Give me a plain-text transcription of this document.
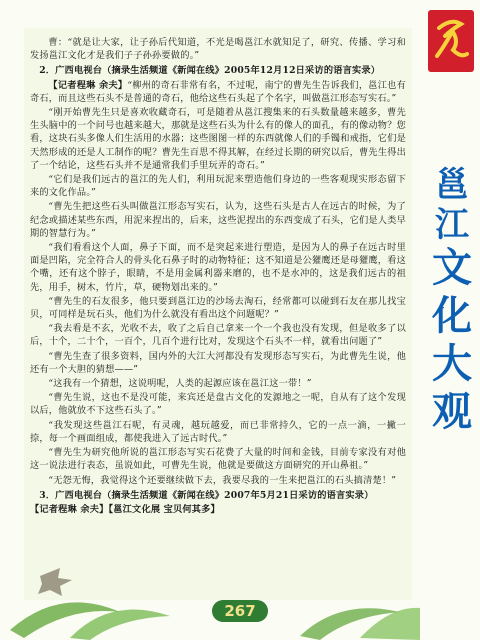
曹：“就是让大家，让子孙后代知道，不光是喝邕江水就知足了，研究、传播、学习和发扬邕江文化才是我们子子孙孙要做的。”

2．广西电视台（摘录生活频道《新闻在线》2005年12月12日采访的语言实录）

【记者程琳 余夫】“柳州的奇石非常有名，不过呢，南宁的曹先生告诉我们，邕江也有奇石，而且这些石头不是普通的奇石，他给这些石头起了个名字，叫做邕江形态写实石。”

“刚开始曹先生只是喜欢收藏奇石，可是随着从邕江搜集来的石头数量越来越多，曹先生头脑中的一个问号也越来越大，那就是这些石头为什么有的像人的面孔，有的像动物？您看，这块石头多像人们生活用的水器；这些图图一样的东西就像人们的手镯和戒指，它们是天然形成的还是人工制作的呢？曹先生百思不得其解，在经过长期的研究以后，曹先生得出了一个结论，这些石头并不是通常我们手里玩弄的奇石。”

“它们是我们远古的邕江的先人们，利用玩泥来塑造他们身边的一些客观现实形态留下来的文化作品。”

“曹先生把这些石头叫做邕江形态写实石，认为，这些石头是古人在远古的时候，为了纪念或描述某些东西，用泥来捏出的，后来，这些泥捏出的东西变成了石头，它们是人类早期的智慧行为。”

“我们看看这个人面，鼻子下面，而不是突起来进行塑造，是因为人的鼻子在远古时里面是凹陷，完全符合人的骨头化石鼻子时的动物特征；这不知道是公獾鹰还是母獾鹰，看这个嘴，还有这个脖子，眼睛，不是用金属利器来磨的，也不是水冲的，这是我们远古的祖先，用手，树木，竹片，草，硬物划出来的。”

“曹先生的石友很多，他只要到邕江边的沙场去淘石，经常都可以碰到石友在那儿找宝贝，可同样是玩石头，他们为什么就没有看出这个问题呢？”

“我去看是不玄，光收不去，收了之后自己拿来一个一个我也没有发现，但是收多了以后，十个，二十个，一百个，几百个进行比对，发现这个石头不一样，就看出问题了”

“曹先生查了很多资料，国内外的大江大河都没有发现形态写实石，为此曹先生说，他还有一个大胆的猜想——”

“这我有一个猜想，这说明呢，人类的起源应该在邕江这一带！”

“曹先生说，这也不是没可能，来宾还是盘古文化的发源地之一呢，自从有了这个发现以后，他就放不下这些石头了。”

“我发现这些邕江石呢，有灵魂，越玩越爱，而已非常持久，它的一点一滴，一撇一捺，每一个画面组成，都使我进入了远古时代。”

“曹先生为研究他所说的邕江形态写实石花费了大量的时间和金钱，目前专家没有对他这一说法进行表态，虽说如此，可曹先生说，他就是要做这方面研究的开山鼻祖。”

“无怨无悔，我觉得这个还要继续做下去，我要尽我的一生来把邕江的石头搞清楚！”

3．广西电视台（摘录生活频道《新闻在线》2007年5月21日采访的语言实录）

【记者程琳 余夫】【邕江文化展 宝贝何其多】

邕
江
文
化
大
观
267
